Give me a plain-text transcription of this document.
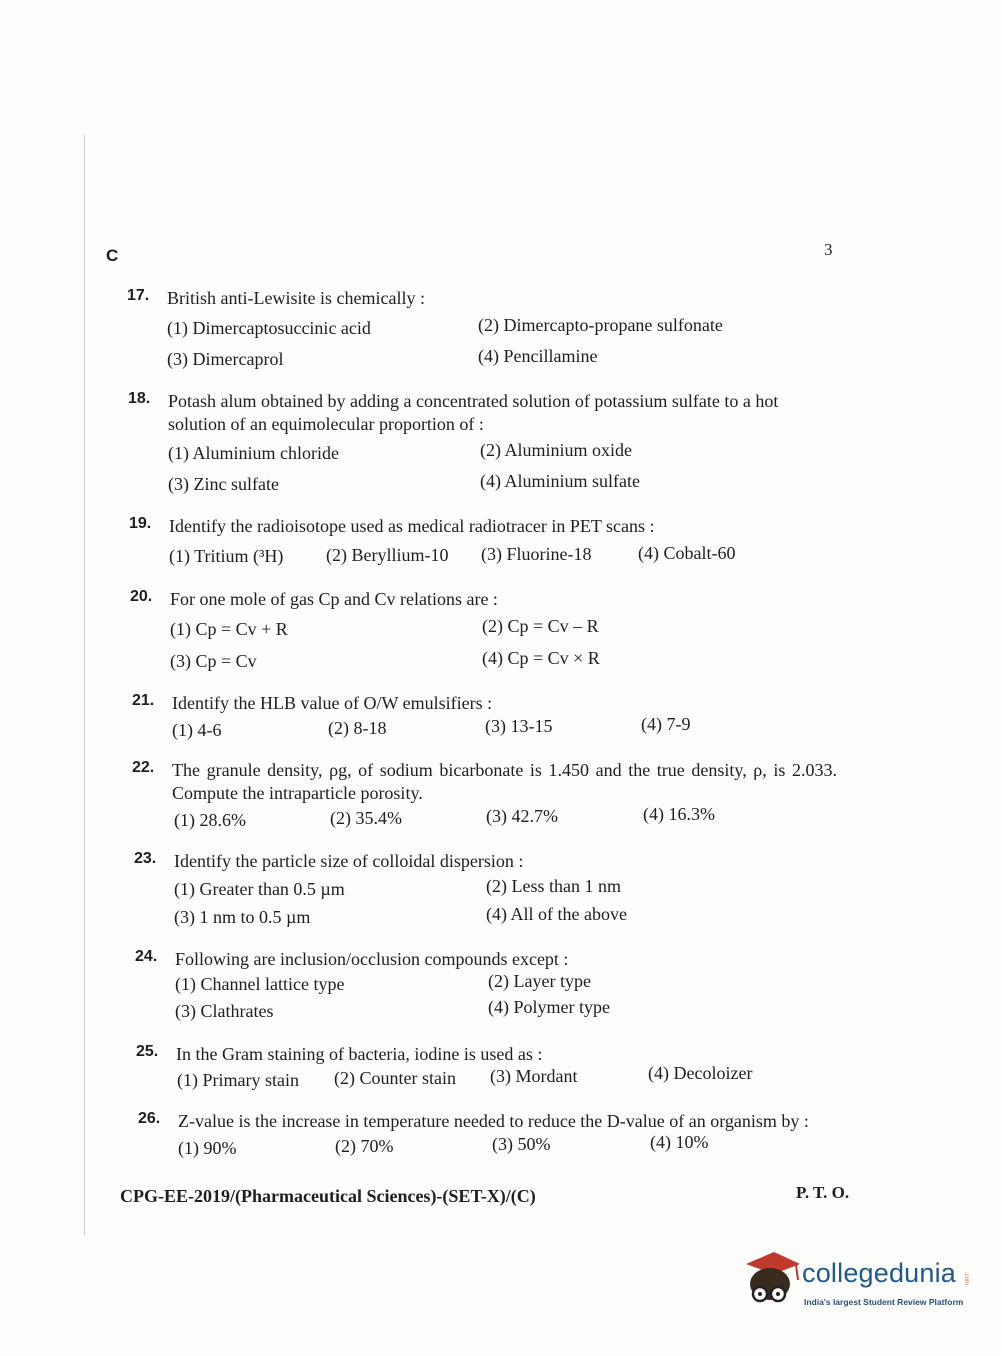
C	3
17. British anti-Lewisite is chemically :
(1) Dimercaptosuccinic acid	(2) Dimercapto-propane sulfonate
(3) Dimercaprol	(4) Pencillamine
18. Potash alum obtained by adding a concentrated solution of potassium sulfate to a hot solution of an equimolecular proportion of :
(1) Aluminium chloride	(2) Aluminium oxide
(3) Zinc sulfate	(4) Aluminium sulfate
19. Identify the radioisotope used as medical radiotracer in PET scans :
(1) Tritium (³H) (2) Beryllium-10 (3) Fluorine-18	(4) Cobalt-60
20. For one mole of gas Cp and Cv relations are :
(1) Cp = Cv + R	(2) Cp = Cv – R
(3) Cp = Cv	(4) Cp = Cv × R
21. Identify the HLB value of O/W emulsifiers :
(1) 4-6	(2) 8-18	(3) 13-15	(4) 7-9
22. The granule density, ρg, of sodium bicarbonate is 1.450 and the true density, ρ, is 2.033. Compute the intraparticle porosity.
(1) 28.6%	(2) 35.4%	(3) 42.7%	(4) 16.3%
23. Identify the particle size of colloidal dispersion :
(1) Greater than 0.5 µm	(2) Less than 1 nm
(3) 1 nm to 0.5 µm	(4) All of the above
24. Following are inclusion/occlusion compounds except :
(1) Channel lattice type	(2) Layer type
(3) Clathrates	(4) Polymer type
25. In the Gram staining of bacteria, iodine is used as :
(1) Primary stain (2) Counter stain (3) Mordant	(4) Decoloizer
26. Z-value is the increase in temperature needed to reduce the D-value of an organism by :
(1) 90%	(2) 70%	(3) 50%	(4) 10%
CPG-EE-2019/(Pharmaceutical Sciences)-(SET-X)/(C)	P. T. O.
collegedunia .com
India's largest Student Review Platform
